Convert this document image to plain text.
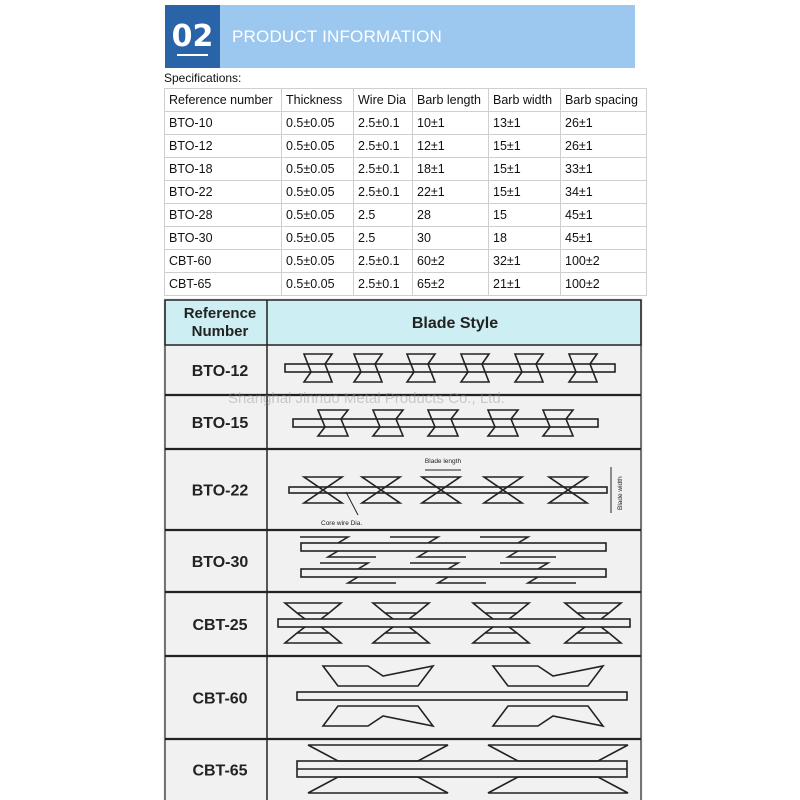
02	PRODUCT INFORMATION
Specifications:
Reference number	Thickness	Wire Dia	Barb length	Barb width	Barb spacing
BTO-10	0.5±0.05	2.5±0.1	10±1	13±1	26±1
BTO-12	0.5±0.05	2.5±0.1	12±1	15±1	26±1
BTO-18	0.5±0.05	2.5±0.1	18±1	15±1	33±1
BTO-22	0.5±0.05	2.5±0.1	22±1	15±1	34±1
BTO-28	0.5±0.05	2.5	28	15	45±1
BTO-30	0.5±0.05	2.5	30	18	45±1
CBT-60	0.5±0.05	2.5±0.1	60±2	32±1	100±2
CBT-65	0.5±0.05	2.5±0.1	65±2	21±1	100±2
Reference
Number	Blade Style
BTO-12
BTO-15
BTO-22
BTO-30
CBT-25
CBT-60
CBT-65
Blade length
Blade width
Core wire Dia.
Shanghai Jinnuo Metal Products Co., Ltd.
